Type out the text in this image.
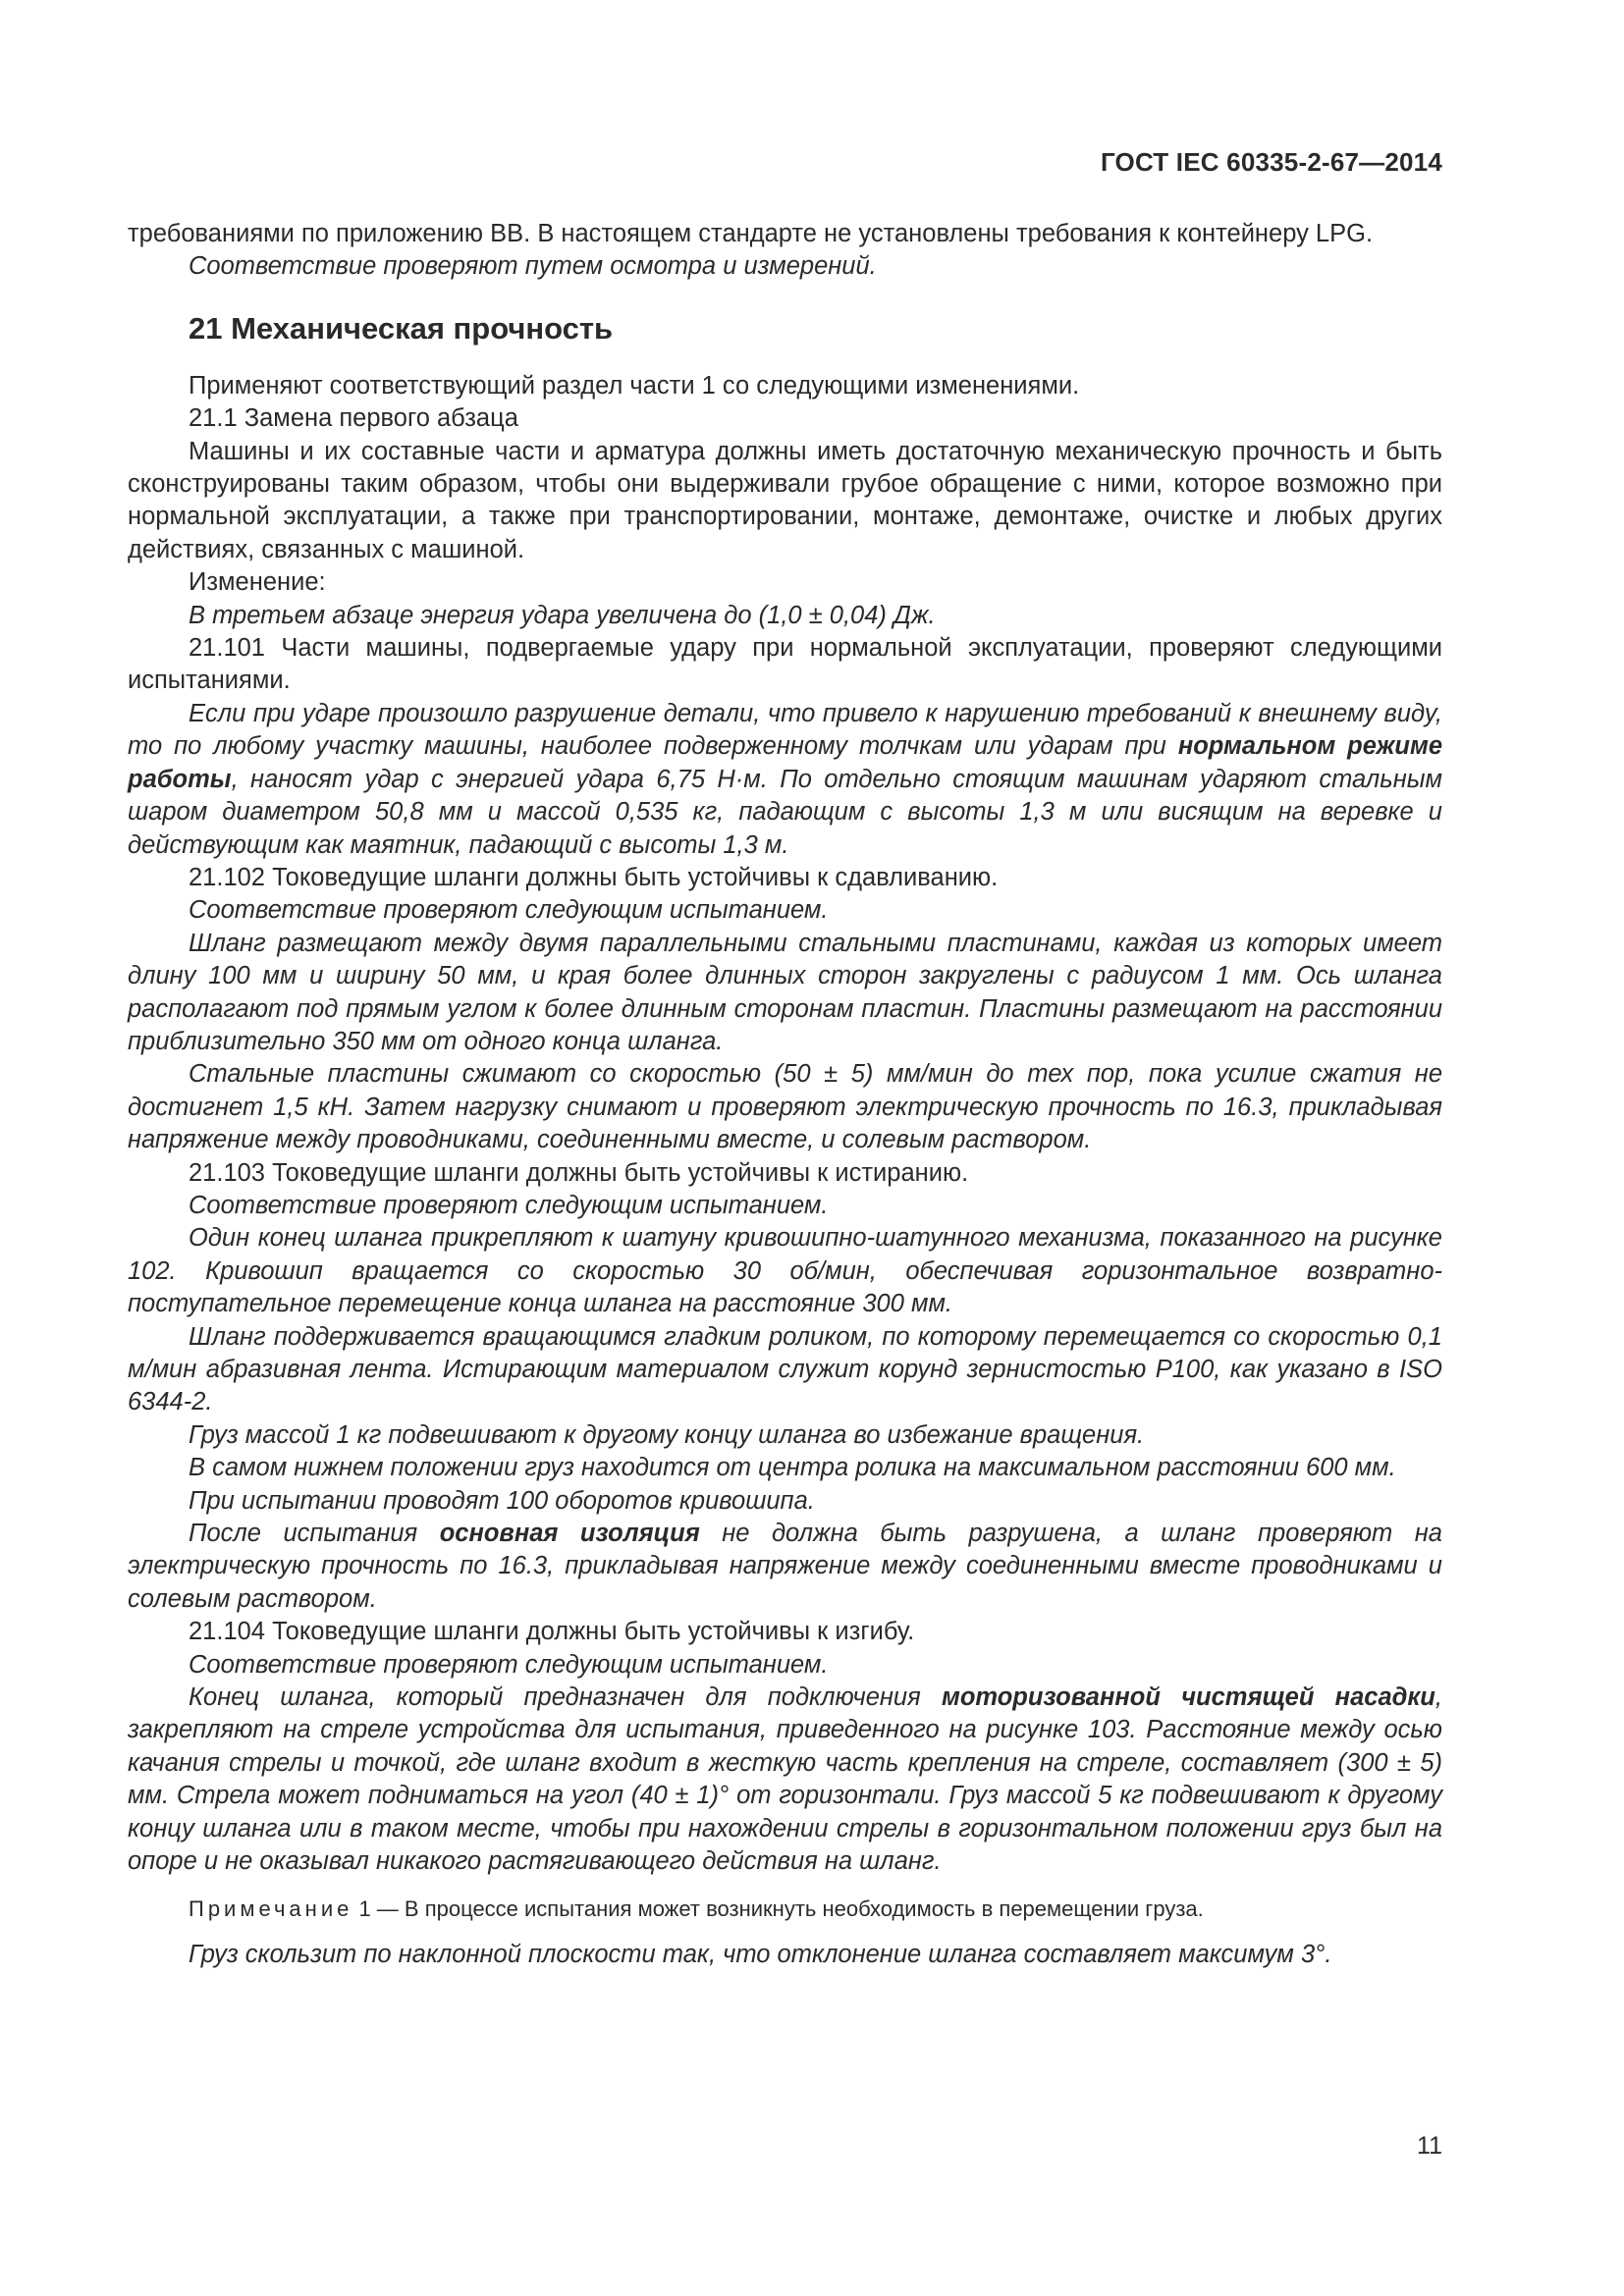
ГОСТ IEC 60335-2-67—2014

требованиями по приложению ВВ. В настоящем стандарте не установлены требования к контейнеру LPG.

Соответствие проверяют путем осмотра и измерений.

21 Механическая прочность

Применяют соответствующий раздел части 1 со следующими изменениями.

21.1 Замена первого абзаца

Машины и их составные части и арматура должны иметь достаточную механическую прочность и быть сконструированы таким образом, чтобы они выдерживали грубое обращение с ними, которое возможно при нормальной эксплуатации, а также при транспортировании, монтаже, демонтаже, очистке и любых других действиях, связанных с машиной.

Изменение:

В третьем абзаце энергия удара увеличена до (1,0 ± 0,04) Дж.

21.101 Части машины, подвергаемые удару при нормальной эксплуатации, проверяют следующими испытаниями.

Если при ударе произошло разрушение детали, что привело к нарушению требований к внешнему виду, то по любому участку машины, наиболее подверженному толчкам или ударам при нормальном режиме работы, наносят удар с энергией удара 6,75 Н·м. По отдельно стоящим машинам ударяют стальным шаром диаметром 50,8 мм и массой 0,535 кг, падающим с высоты 1,3 м или висящим на веревке и действующим как маятник, падающий с высоты 1,3 м.

21.102 Токоведущие шланги должны быть устойчивы к сдавливанию.

Соответствие проверяют следующим испытанием.

Шланг размещают между двумя параллельными стальными пластинами, каждая из которых имеет длину 100 мм и ширину 50 мм, и края более длинных сторон закруглены с радиусом 1 мм. Ось шланга располагают под прямым углом к более длинным сторонам пластин. Пластины размещают на расстоянии приблизительно 350 мм от одного конца шланга.

Стальные пластины сжимают со скоростью (50 ± 5) мм/мин до тех пор, пока усилие сжатия не достигнет 1,5 кН. Затем нагрузку снимают и проверяют электрическую прочность по 16.3, прикладывая напряжение между проводниками, соединенными вместе, и солевым раствором.

21.103 Токоведущие шланги должны быть устойчивы к истиранию.

Соответствие проверяют следующим испытанием.

Один конец шланга прикрепляют к шатуну кривошипно-шатунного механизма, показанного на рисунке 102. Кривошип вращается со скоростью 30 об/мин, обеспечивая горизонтальное возвратно-поступательное перемещение конца шланга на расстояние 300 мм.

Шланг поддерживается вращающимся гладким роликом, по которому перемещается со скоростью 0,1 м/мин абразивная лента. Истирающим материалом служит корунд зернистостью Р100, как указано в ISO 6344-2.

Груз массой 1 кг подвешивают к другому концу шланга во избежание вращения.

В самом нижнем положении груз находится от центра ролика на максимальном расстоянии 600 мм.

При испытании проводят 100 оборотов кривошипа.

После испытания основная изоляция не должна быть разрушена, а шланг проверяют на электрическую прочность по 16.3, прикладывая напряжение между соединенными вместе проводниками и солевым раствором.

21.104 Токоведущие шланги должны быть устойчивы к изгибу.

Соответствие проверяют следующим испытанием.

Конец шланга, который предназначен для подключения моторизованной чистящей насадки, закрепляют на стреле устройства для испытания, приведенного на рисунке 103. Расстояние между осью качания стрелы и точкой, где шланг входит в жесткую часть крепления на стреле, составляет (300 ± 5) мм. Стрела может подниматься на угол (40 ± 1)° от горизонтали. Груз массой 5 кг подвешивают к другому концу шланга или в таком месте, чтобы при нахождении стрелы в горизонтальном положении груз был на опоре и не оказывал никакого растягивающего действия на шланг.

Примечание 1 — В процессе испытания может возникнуть необходимость в перемещении груза.

Груз скользит по наклонной плоскости так, что отклонение шланга составляет максимум 3°.

11
